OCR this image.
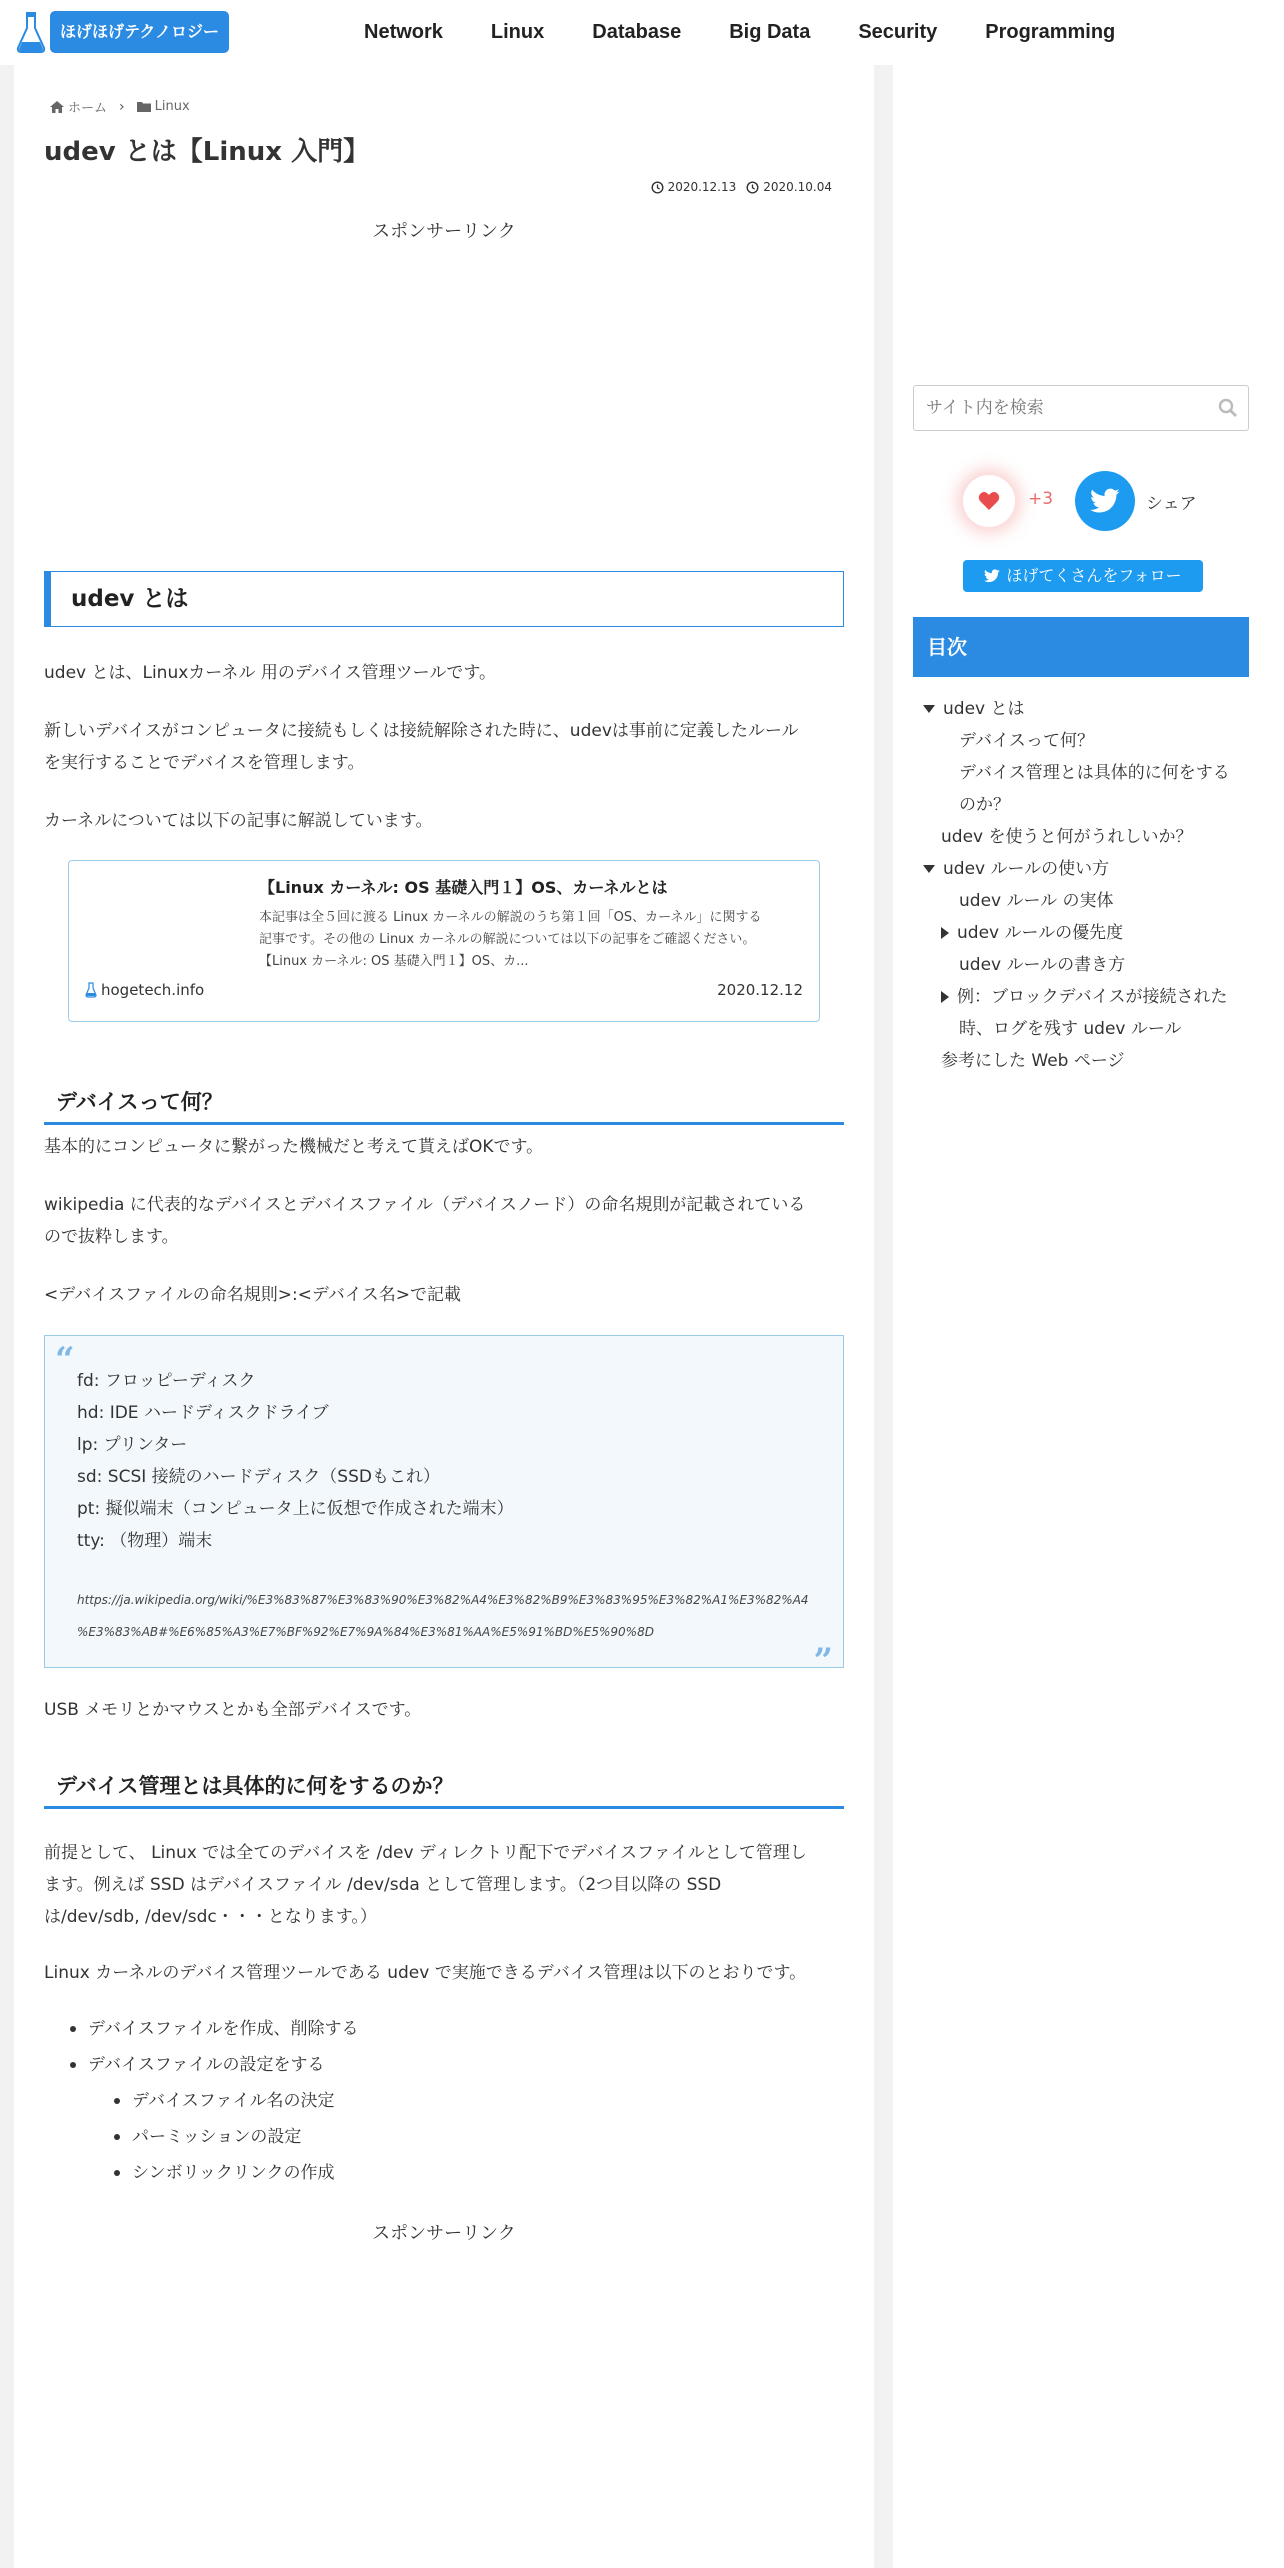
ほげほげテクノロジー	Network Linux Database Big Data Security Programming
ホーム › Linux
udev とは【Linux 入門】
2020.12.13 2020.10.04
スポンサーリンク
udev とは
udev とは、Linuxカーネル 用のデバイス管理ツールです。
新しいデバイスがコンピュータに接続もしくは接続解除された時に、udevは事前に定義したルール
を実行することでデバイスを管理します。
カーネルについては以下の記事に解説しています。
【Linux カーネル: OS 基礎入門１】OS、カーネルとは
本記事は全５回に渡る Linux カーネルの解説のうち第１回「OS、カーネル」に関する
記事です。その他の Linux カーネルの解説については以下の記事をご確認ください。
【Linux カーネル: OS 基礎入門１】OS、カ...
hogetech.info	2020.12.12
デバイスって何？
基本的にコンピュータに繋がった機械だと考えて貰えばOKです。
wikipedia に代表的なデバイスとデバイスファイル（デバイスノード）の命名規則が記載されている
ので抜粋します。
<デバイスファイルの命名規則>:<デバイス名>で記載
“
fd: フロッピーディスク
hd: IDE ハードディスクドライブ
lp: プリンター
sd: SCSI 接続のハードディスク（SSDもこれ）
pt: 擬似端末（コンピュータ上に仮想で作成された端末）
tty: （物理）端末
https://ja.wikipedia.org/wiki/%E3%83%87%E3%83%90%E3%82%A4%E3%82%B9%E3%83%95%E3%82%A1%E3%82%A4
%E3%83%AB#%E6%85%A3%E7%BF%92%E7%9A%84%E3%81%AA%E5%91%BD%E5%90%8D
”
USB メモリとかマウスとかも全部デバイスです。
デバイス管理とは具体的に何をするのか？
前提として、 Linux では全てのデバイスを /dev ディレクトリ配下でデバイスファイルとして管理し
ます。例えば SSD はデバイスファイル /dev/sda として管理します。（2つ目以降の SSD
は/dev/sdb, /dev/sdc・・・となります。）
Linux カーネルのデバイス管理ツールである udev で実施できるデバイス管理は以下のとおりです。
デバイスファイルを作成、削除する
デバイスファイルの設定をする
デバイスファイル名の決定
パーミッションの設定
シンボリックリンクの作成
スポンサーリンク
サイト内を検索
+3	シェア
ほげてくさんをフォロー
目次
udev とは
デバイスって何？
デバイス管理とは具体的に何をする
のか？
udev を使うと何がうれしいか？
udev ルールの使い方
udev ルール の実体
udev ルールの優先度
udev ルールの書き方
例：ブロックデバイスが接続された
時、ログを残す udev ルール
参考にした Web ページ
